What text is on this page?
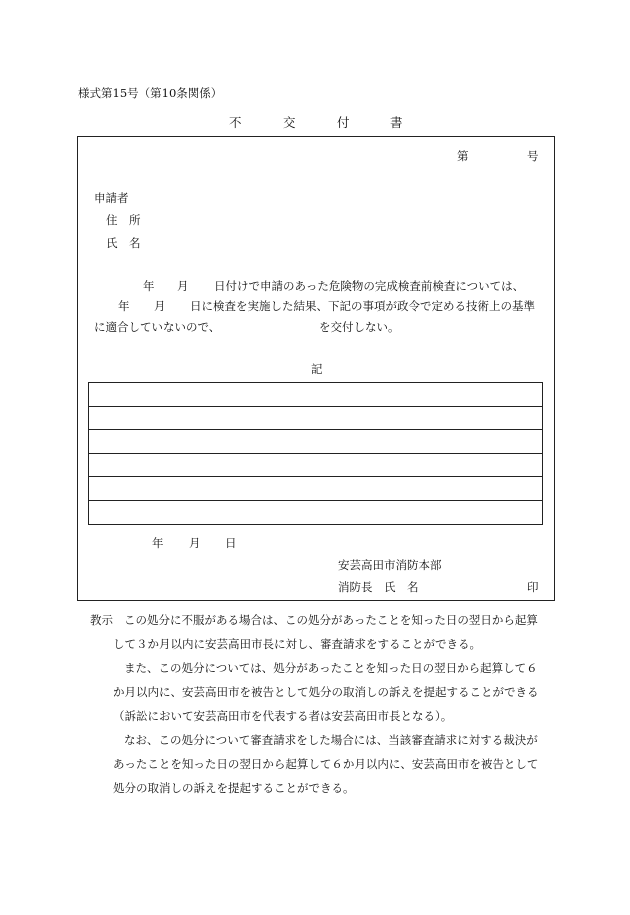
様式第15号（第10条関係）
不	交	付	書
第	号
申請者
住　所
氏　名
年 月 日付けで申請のあった危険物の完成検査前検査については、
年 月 日に検査を実施した結果、下記の事項が政令で定める技術上の基準
に適合していないので、	を交付しない。
記
年 月 日
安芸高田市消防本部
消防長　氏　名	印
教示 この処分に不服がある場合は、この処分があったことを知った日の翌日から起算
して３か月以内に安芸高田市長に対し、審査請求をすることができる。
また、この処分については、処分があったことを知った日の翌日から起算して６
か月以内に、安芸高田市を被告として処分の取消しの訴えを提起することができる
（訴訟において安芸高田市を代表する者は安芸高田市長となる）。
なお、この処分について審査請求をした場合には、当該審査請求に対する裁決が
あったことを知った日の翌日から起算して６か月以内に、安芸高田市を被告として
処分の取消しの訴えを提起することができる。
